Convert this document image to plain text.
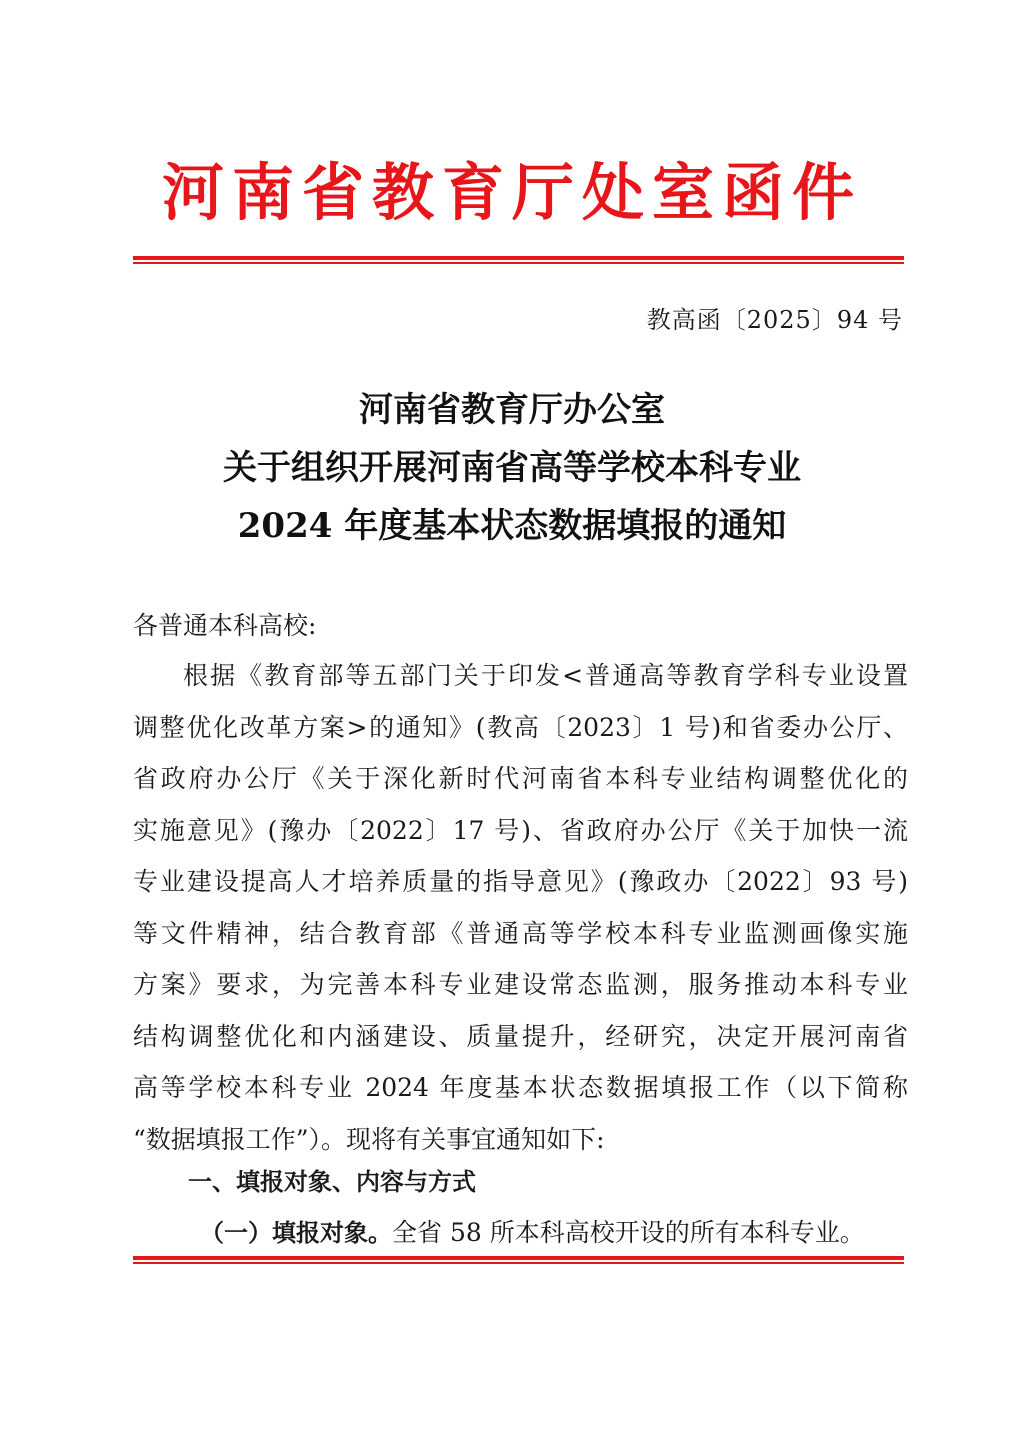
河南省教育厅处室函件
教高函〔2025〕94 号
河南省教育厅办公室
关于组织开展河南省高等学校本科专业
2024 年度基本状态数据填报的通知
各普通本科高校:
根据《教育部等五部门关于印发<普通高等教育学科专业设置
调整优化改革方案>的通知》(教高〔2023〕1 号)和省委办公厅、
省政府办公厅《关于深化新时代河南省本科专业结构调整优化的
实施意见》(豫办〔2022〕17 号)、省政府办公厅《关于加快一流
专业建设提高人才培养质量的指导意见》(豫政办〔2022〕93 号)
等文件精神，结合教育部《普通高等学校本科专业监测画像实施
方案》要求，为完善本科专业建设常态监测，服务推动本科专业
结构调整优化和内涵建设、质量提升，经研究，决定开展河南省
高等学校本科专业 2024 年度基本状态数据填报工作（以下简称
“数据填报工作”）。现将有关事宜通知如下:
一、填报对象、内容与方式
（一）填报对象。全省 58 所本科高校开设的所有本科专业。
